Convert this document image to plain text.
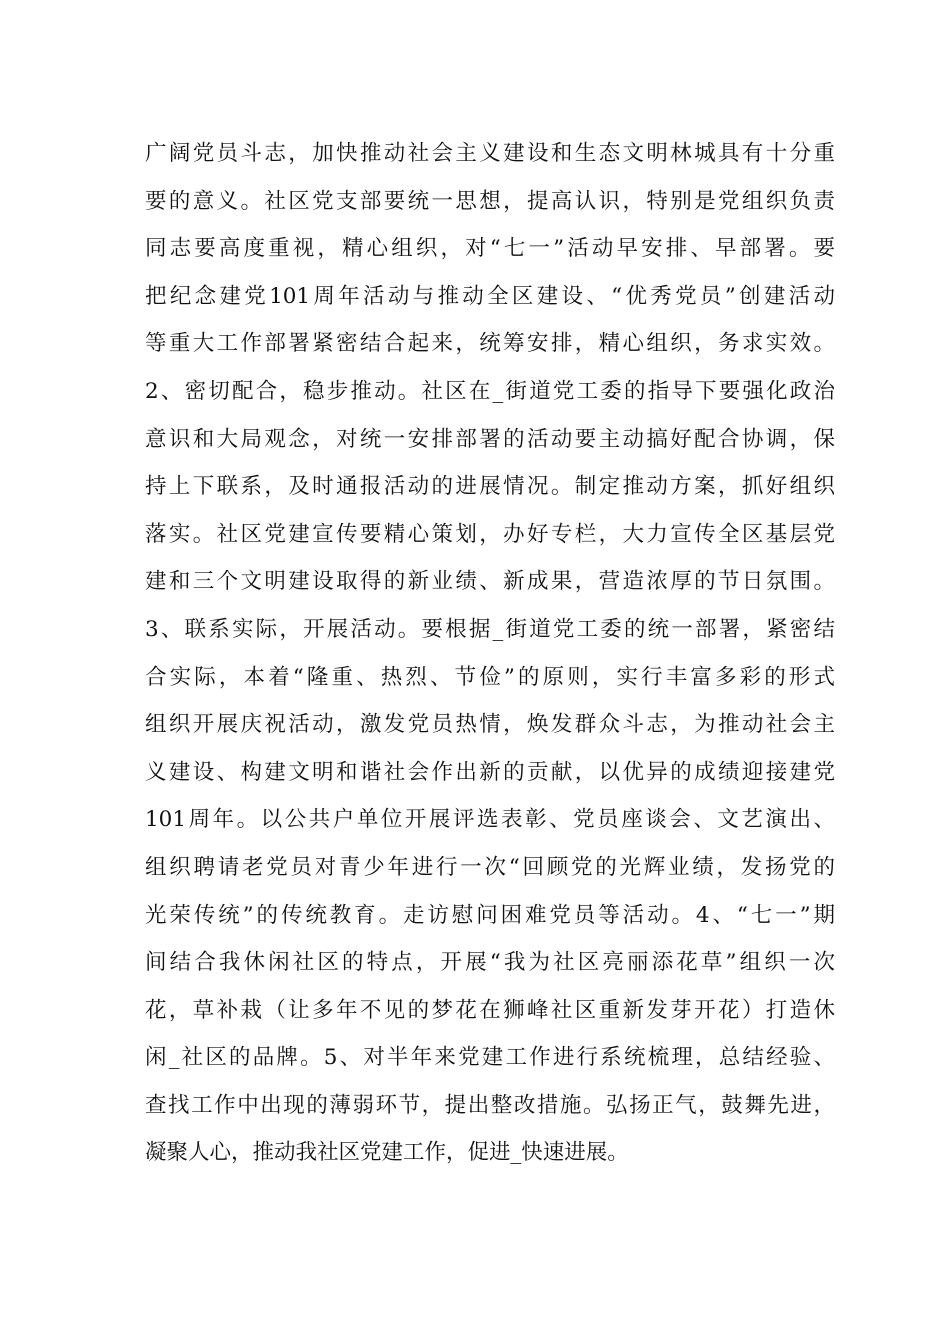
广阔党员斗志，加快推动社会主义建设和生态文明林城具有十分重
要的意义。社区党支部要统一思想，提高认识，特别是党组织负责
同志要高度重视，精心组织，对“七一”活动早安排、早部署。要
把纪念建党101周年活动与推动全区建设、“优秀党员”创建活动
等重大工作部署紧密结合起来，统筹安排，精心组织，务求实效。
2、密切配合，稳步推动。社区在_街道党工委的指导下要强化政治
意识和大局观念，对统一安排部署的活动要主动搞好配合协调，保
持上下联系，及时通报活动的进展情况。制定推动方案，抓好组织
落实。社区党建宣传要精心策划，办好专栏，大力宣传全区基层党
建和三个文明建设取得的新业绩、新成果，营造浓厚的节日氛围。
3、联系实际，开展活动。要根据_街道党工委的统一部署，紧密结
合实际，本着“隆重、热烈、节俭”的原则，实行丰富多彩的形式
组织开展庆祝活动，激发党员热情，焕发群众斗志，为推动社会主
义建设、构建文明和谐社会作出新的贡献，以优异的成绩迎接建党
101周年。以公共户单位开展评选表彰、党员座谈会、文艺演出、
组织聘请老党员对青少年进行一次“回顾党的光辉业绩，发扬党的
光荣传统”的传统教育。走访慰问困难党员等活动。4、“七一”期
间结合我休闲社区的特点，开展“我为社区亮丽添花草”组织一次
花，草补栽（让多年不见的梦花在狮峰社区重新发芽开花）打造休
闲_社区的品牌。5、对半年来党建工作进行系统梳理，总结经验、
查找工作中出现的薄弱环节，提出整改措施。弘扬正气，鼓舞先进，
凝聚人心，推动我社区党建工作，促进_快速进展。
